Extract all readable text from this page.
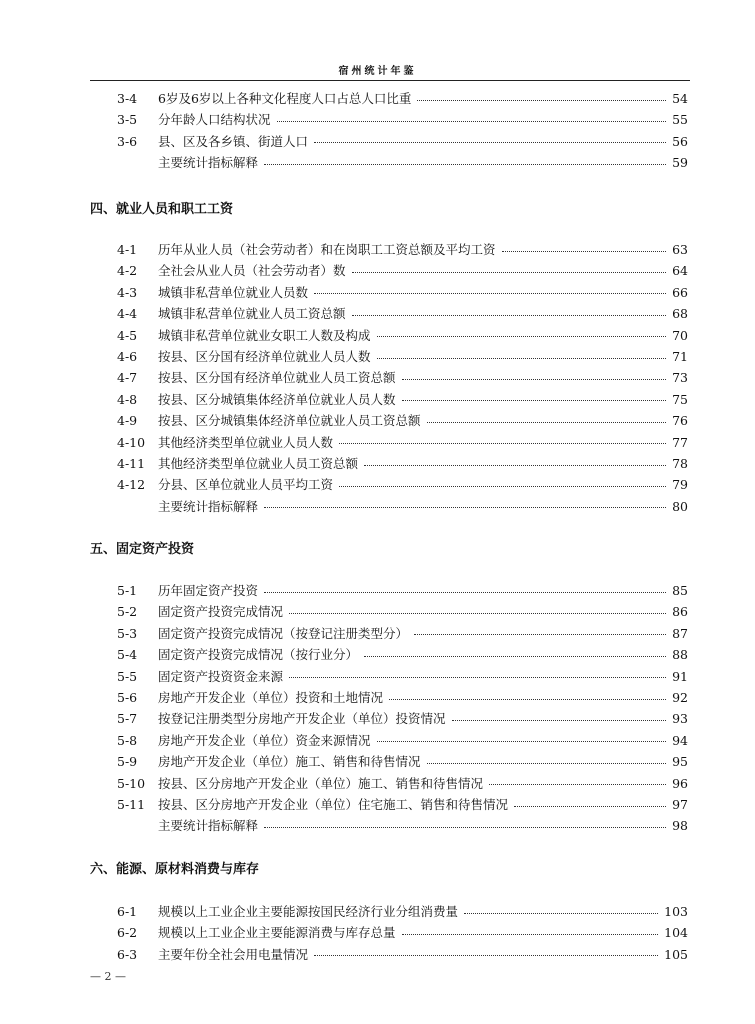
宿州统计年鉴
3-4	6岁及6岁以上各种文化程度人口占总人口比重	54
3-5	分年龄人口结构状况	55
3-6	县、区及各乡镇、街道人口	56
主要统计指标解释	59
四、就业人员和职工工资
4-1	历年从业人员（社会劳动者）和在岗职工工资总额及平均工资	63
4-2	全社会从业人员（社会劳动者）数	64
4-3	城镇非私营单位就业人员数	66
4-4	城镇非私营单位就业人员工资总额	68
4-5	城镇非私营单位就业女职工人数及构成	70
4-6	按县、区分国有经济单位就业人员人数	71
4-7	按县、区分国有经济单位就业人员工资总额	73
4-8	按县、区分城镇集体经济单位就业人员人数	75
4-9	按县、区分城镇集体经济单位就业人员工资总额	76
4-10	其他经济类型单位就业人员人数	77
4-11	其他经济类型单位就业人员工资总额	78
4-12	分县、区单位就业人员平均工资	79
主要统计指标解释	80
五、固定资产投资
5-1	历年固定资产投资	85
5-2	固定资产投资完成情况	86
5-3	固定资产投资完成情况（按登记注册类型分）	87
5-4	固定资产投资完成情况（按行业分）	88
5-5	固定资产投资资金来源	91
5-6	房地产开发企业（单位）投资和土地情况	92
5-7	按登记注册类型分房地产开发企业（单位）投资情况	93
5-8	房地产开发企业（单位）资金来源情况	94
5-9	房地产开发企业（单位）施工、销售和待售情况	95
5-10	按县、区分房地产开发企业（单位）施工、销售和待售情况	96
5-11	按县、区分房地产开发企业（单位）住宅施工、销售和待售情况	97
主要统计指标解释	98
六、能源、原材料消费与库存
6-1	规模以上工业企业主要能源按国民经济行业分组消费量	103
6-2	规模以上工业企业主要能源消费与库存总量	104
6-3	主要年份全社会用电量情况	105
— 2 —
